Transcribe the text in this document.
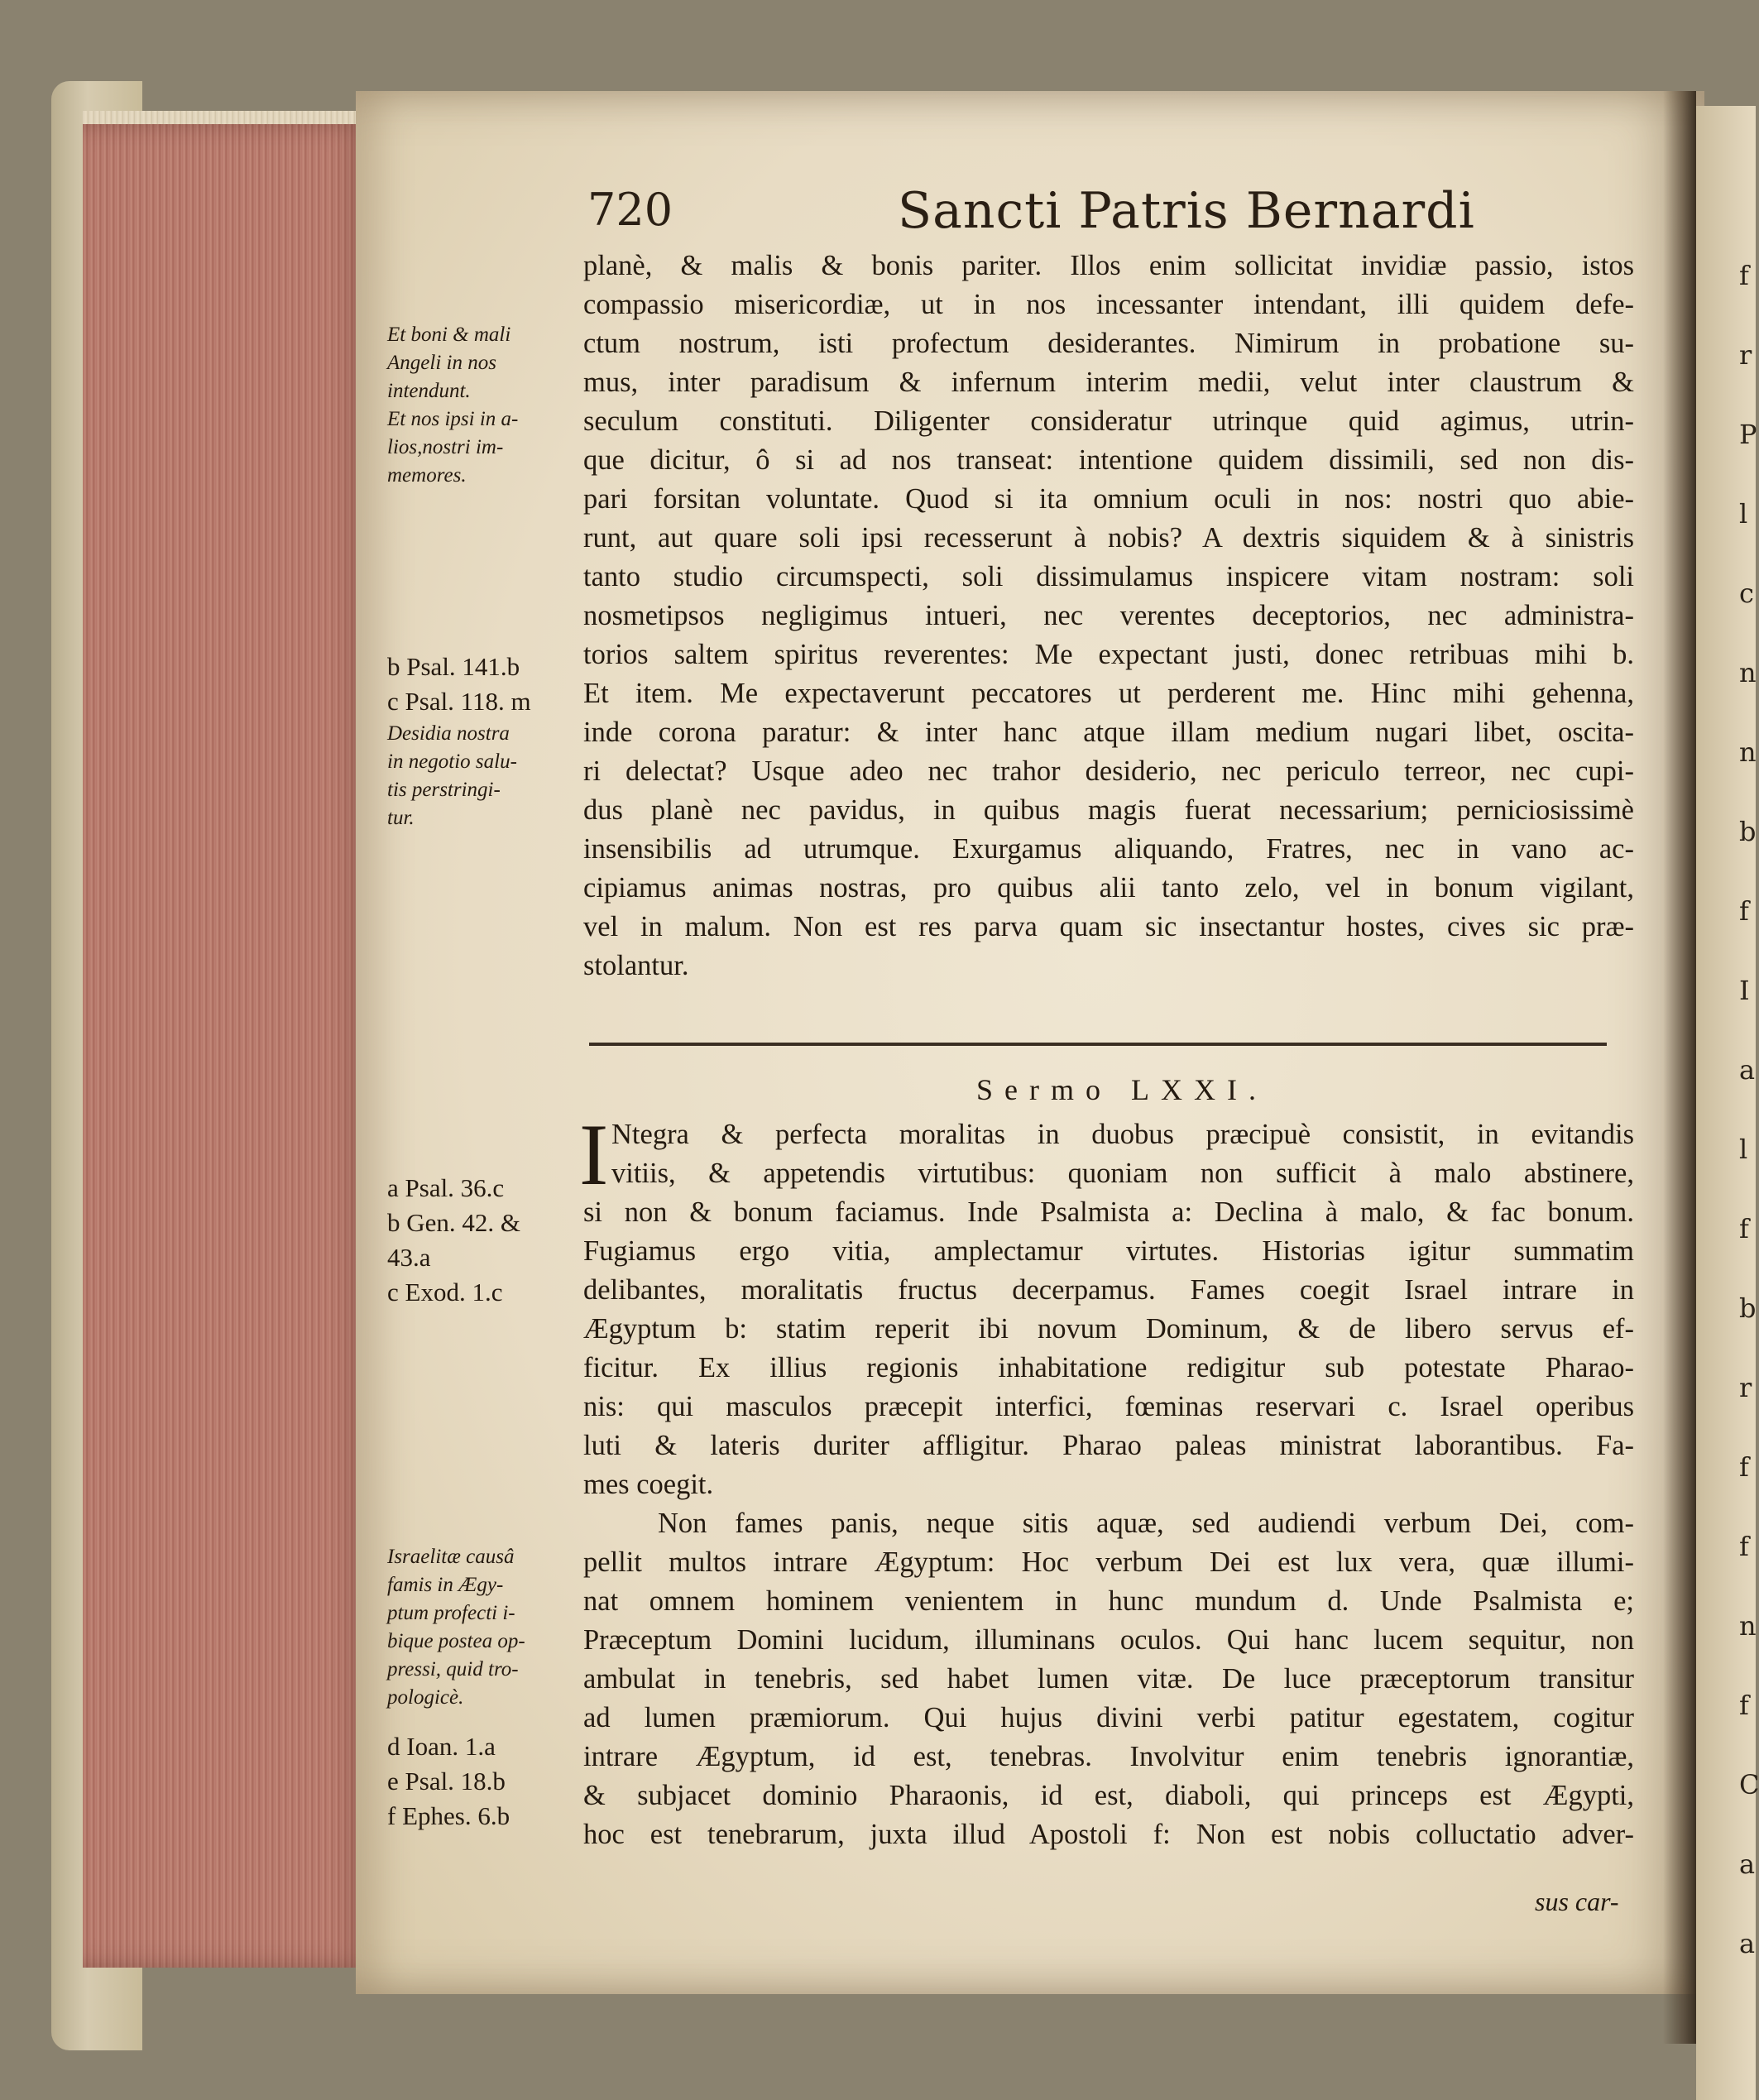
f
r
P
l
c
n
n
b
f
I
a
l
f
b
r
f
f
n
f
C
a
a
720	Sancti Patris Bernardi
Et boni & mali
Angeli in nos
intendunt.
Et nos ipsi in a-
lios,nostri im-
memores.
b Psal. 141.b
c Psal. 118. m
Desidia nostra
in negotio salu-
tis perstringi-
tur.
a Psal. 36.c
b Gen. 42. &
43.a
c Exod. 1.c
Israelitæ causâ
famis in Ægy-
ptum profecti i-
bique postea op-
pressi, quid tro-
pologicè.
d Ioan. 1.a
e Psal. 18.b
f Ephes. 6.b
planè, & malis & bonis pariter. Illos enim sollicitat invidiæ passio, istos
compassio misericordiæ, ut in nos incessanter intendant, illi quidem defe-
ctum nostrum, isti profectum desiderantes. Nimirum in probatione su-
mus, inter paradisum & infernum interim medii, velut inter claustrum &
seculum constituti. Diligenter consideratur utrinque quid agimus, utrin-
que dicitur, ô si ad nos transeat: intentione quidem dissimili, sed non dis-
pari forsitan voluntate. Quod si ita omnium oculi in nos: nostri quo abie-
runt, aut quare soli ipsi recesserunt à nobis? A dextris siquidem & à sinistris
tanto studio circumspecti, soli dissimulamus inspicere vitam nostram: soli
nosmetipsos negligimus intueri, nec verentes deceptorios, nec administra-
torios saltem spiritus reverentes: Me expectant justi, donec retribuas mihi b.
Et item. Me expectaverunt peccatores ut perderent me. Hinc mihi gehenna,
inde corona paratur: & inter hanc atque illam medium nugari libet, oscita-
ri delectat? Usque adeo nec trahor desiderio, nec periculo terreor, nec cupi-
dus planè nec pavidus, in quibus magis fuerat necessarium; perniciosissimè
insensibilis ad utrumque. Exurgamus aliquando, Fratres, nec in vano ac-
cipiamus animas nostras, pro quibus alii tanto zelo, vel in bonum vigilant,
vel in malum. Non est res parva quam sic insectantur hostes, cives sic præ-
stolantur.
Sermo LXXI.
I Ntegra & perfecta moralitas in duobus præcipuè consistit, in evitandis
vitiis, & appetendis virtutibus: quoniam non sufficit à malo abstinere,
si non & bonum faciamus. Inde Psalmista a: Declina à malo, & fac bonum.
Fugiamus ergo vitia, amplectamur virtutes. Historias igitur summatim
delibantes, moralitatis fructus decerpamus. Fames coegit Israel intrare in
Ægyptum b: statim reperit ibi novum Dominum, & de libero servus ef-
ficitur. Ex illius regionis inhabitatione redigitur sub potestate Pharao-
nis: qui masculos præcepit interfici, fœminas reservari c. Israel operibus
luti & lateris duriter affligitur. Pharao paleas ministrat laborantibus. Fa-
mes coegit.
Non fames panis, neque sitis aquæ, sed audiendi verbum Dei, com-
pellit multos intrare Ægyptum: Hoc verbum Dei est lux vera, quæ illumi-
nat omnem hominem venientem in hunc mundum d. Unde Psalmista e;
Præceptum Domini lucidum, illuminans oculos. Qui hanc lucem sequitur, non
ambulat in tenebris, sed habet lumen vitæ. De luce præceptorum transitur
ad lumen præmiorum. Qui hujus divini verbi patitur egestatem, cogitur
intrare Ægyptum, id est, tenebras. Involvitur enim tenebris ignorantiæ,
& subjacet dominio Pharaonis, id est, diaboli, qui princeps est Ægypti,
hoc est tenebrarum, juxta illud Apostoli f: Non est nobis colluctatio adver-
sus car-
